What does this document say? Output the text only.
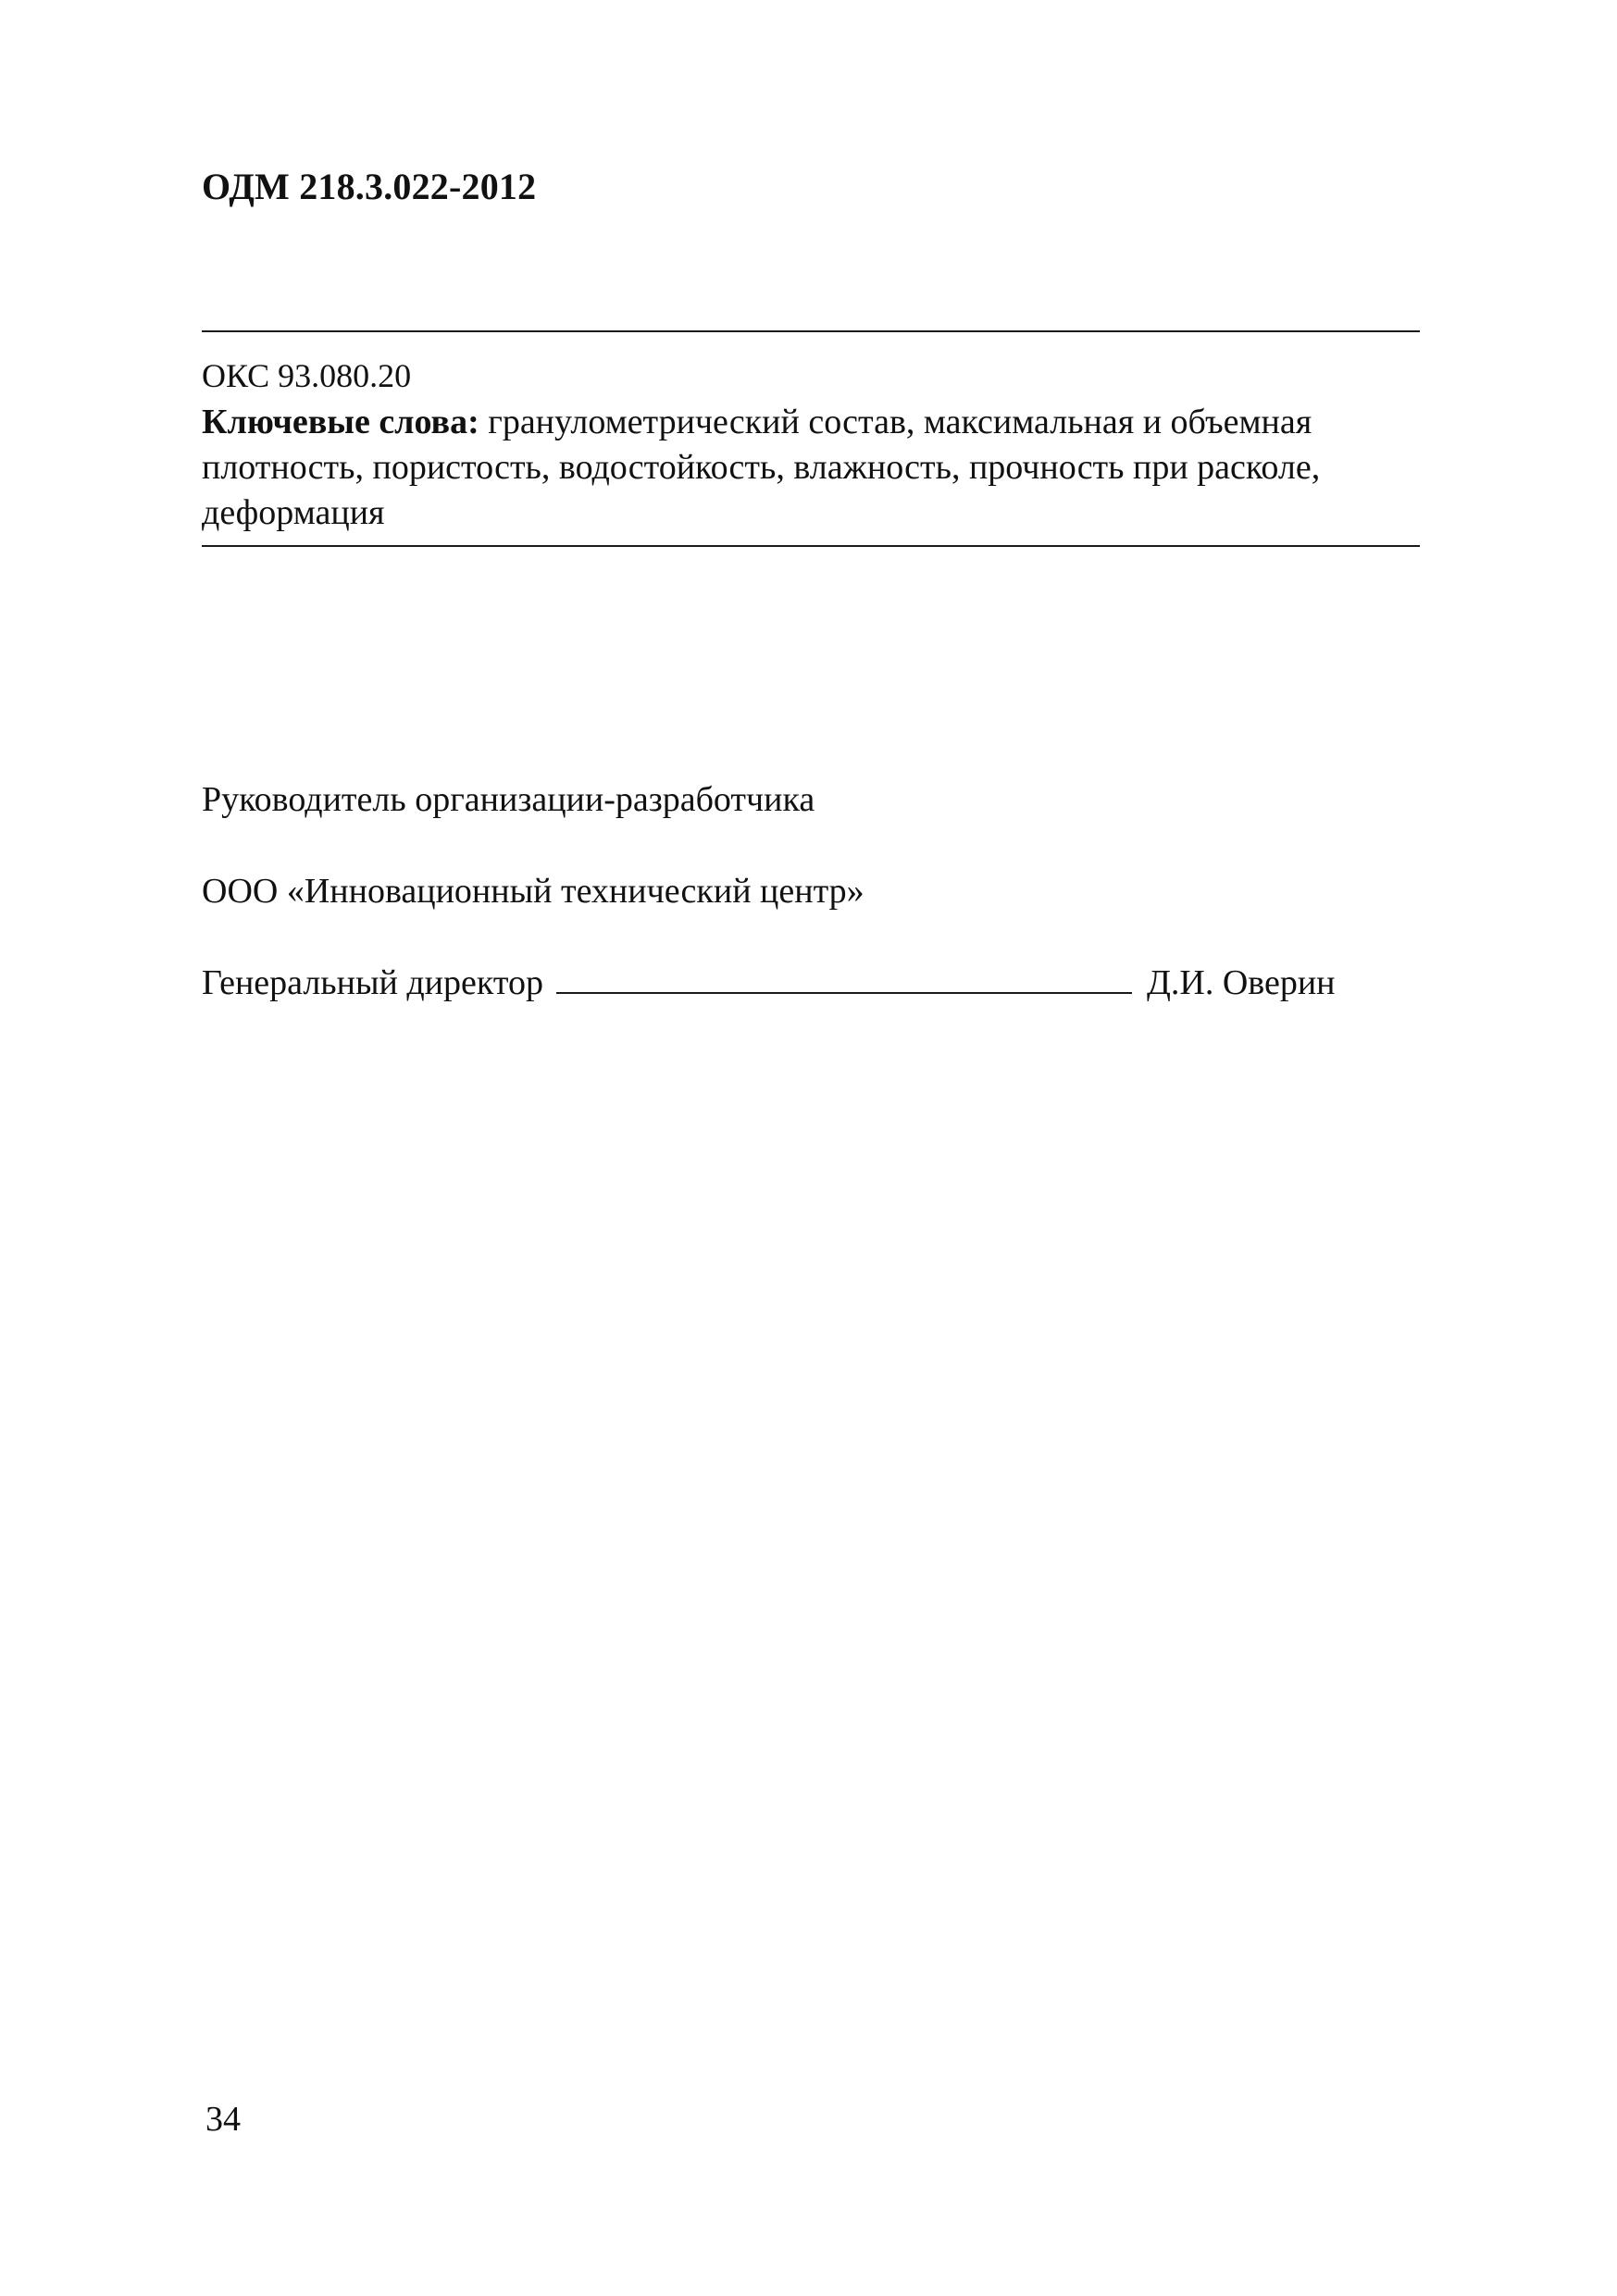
ОДМ 218.3.022-2012
ОКС 93.080.20
Ключевые слова: гранулометрический состав, максимальная и объемная плотность, пористость, водостойкость, влажность, прочность при расколе, деформация
Руководитель организации-разработчика
ООО «Инновационный технический центр»
Генеральный директор	Д.И. Оверин
34
